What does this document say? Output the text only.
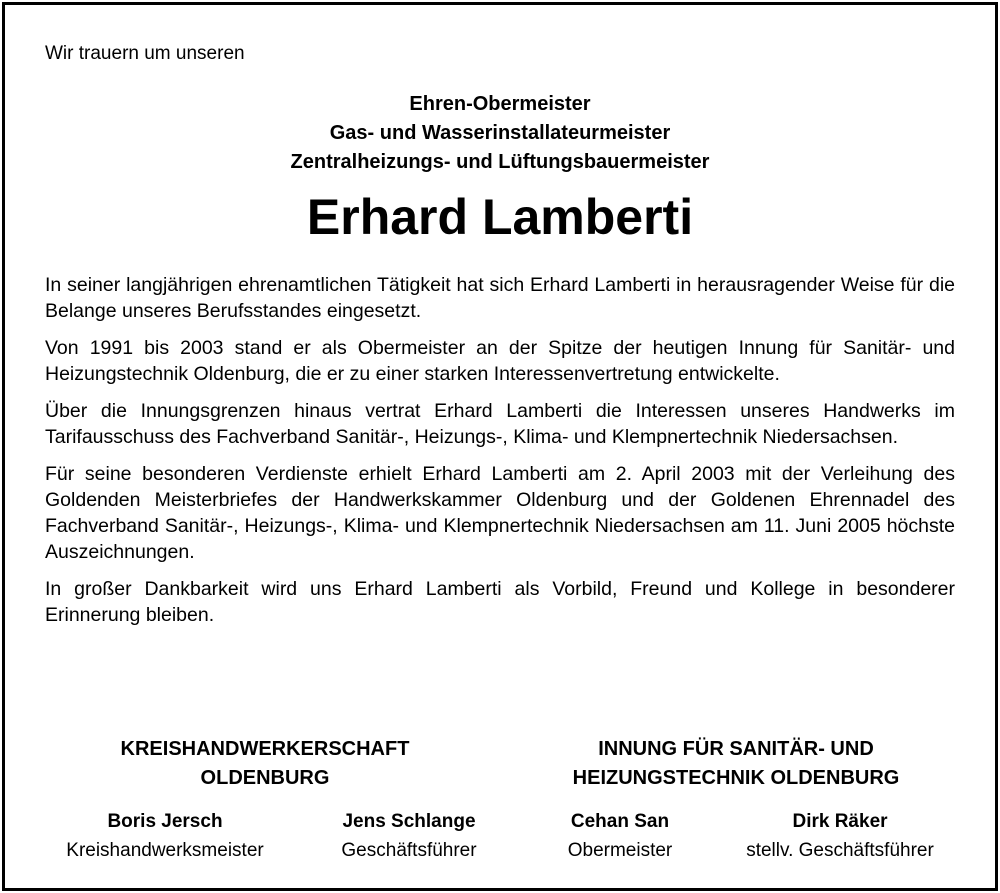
Wir trauern um unseren
Ehren-Obermeister
Gas- und Wasserinstallateurmeister
Zentralheizungs- und Lüftungsbauermeister
Erhard Lamberti

In seiner langjährigen ehrenamtlichen Tätigkeit hat sich Erhard Lamberti in herausragender Weise für die Belange unseres Berufsstandes eingesetzt.

Von 1991 bis 2003 stand er als Obermeister an der Spitze der heutigen Innung für Sanitär- und Heizungstechnik Oldenburg, die er zu einer starken Interessenvertretung entwickelte.

Über die Innungsgrenzen hinaus vertrat Erhard Lamberti die Interessen unseres Handwerks im Tarifausschuss des Fachverband Sanitär-, Heizungs-, Klima- und Klempnertechnik Niedersachsen.

Für seine besonderen Verdienste erhielt Erhard Lamberti am 2. April 2003 mit der Verleihung des Goldenden Meisterbriefes der Handwerkskammer Oldenburg und der Goldenen Ehrennadel des Fachverband Sanitär-, Heizungs-, Klima- und Klempnertechnik Niedersachsen am 11. Juni 2005 höchste Auszeichnungen.

In großer Dankbarkeit wird uns Erhard Lamberti als Vorbild, Freund und Kollege in besonderer Erinnerung bleiben.

KREISHANDWERKERSCHAFT
OLDENBURG
INNUNG FÜR SANITÄR- UND
HEIZUNGSTECHNIK OLDENBURG
Boris Jersch
Kreishandwerksmeister
Jens Schlange
Geschäftsführer
Cehan San
Obermeister
Dirk Räker
stellv. Geschäftsführer
